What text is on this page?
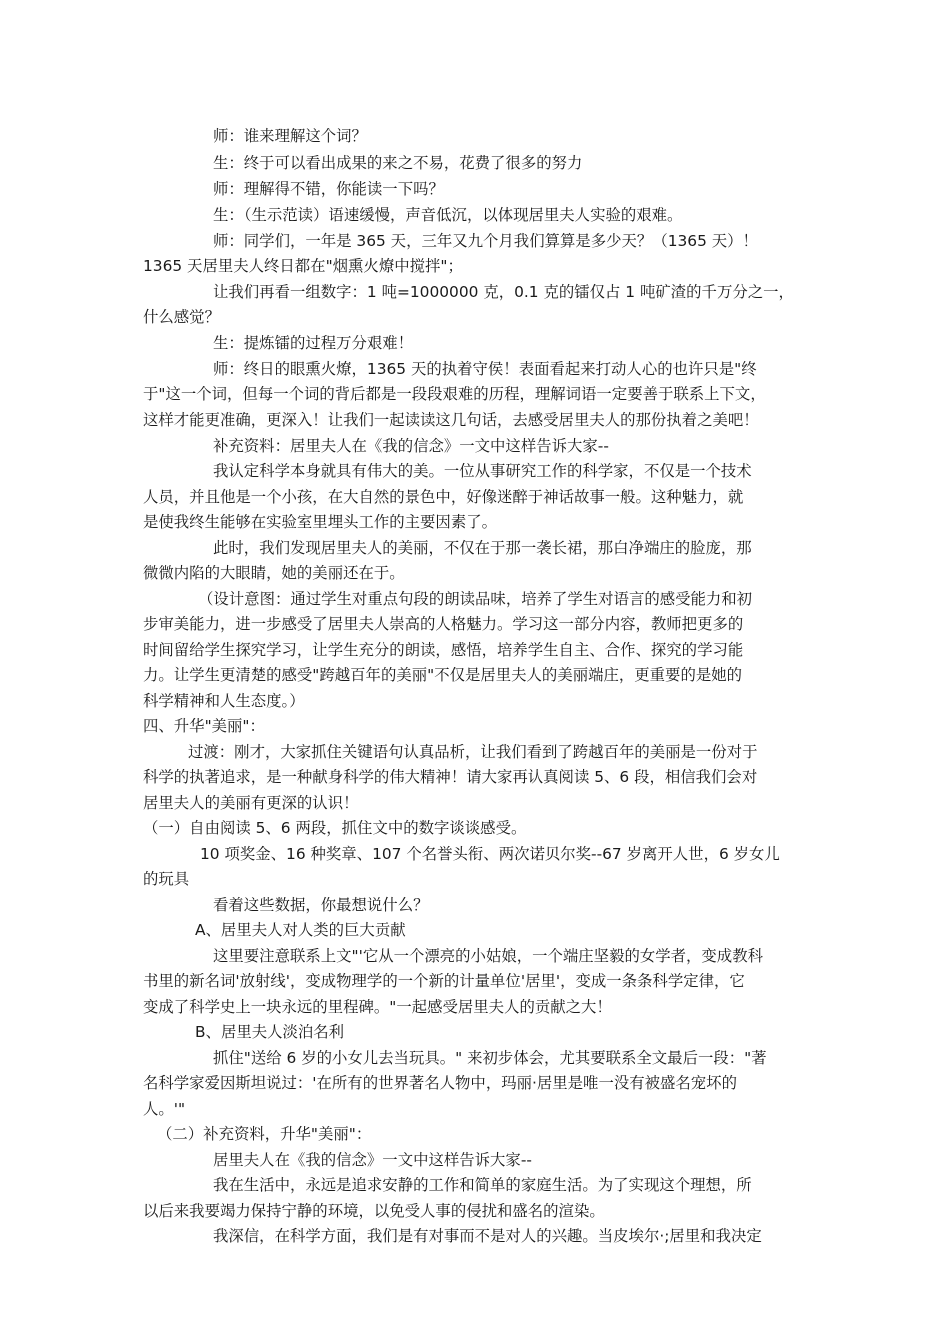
师：谁来理解这个词？
生：终于可以看出成果的来之不易，花费了很多的努力
师：理解得不错，你能读一下吗？
生：（生示范读）语速缓慢，声音低沉，以体现居里夫人实验的艰难。
师：同学们，一年是 365 天，三年又九个月我们算算是多少天？（1365 天）！
1365 天居里夫人终日都在"烟熏火燎中搅拌"；
让我们再看一组数字：1 吨=1000000 克，0.1 克的镭仅占 1 吨矿渣的千万分之一，
什么感觉？
生：提炼镭的过程万分艰难！
师：终日的眼熏火燎，1365 天的执着守侯！表面看起来打动人心的也许只是"终
于"这一个词，但每一个词的背后都是一段段艰难的历程，理解词语一定要善于联系上下文，
这样才能更准确，更深入！让我们一起读读这几句话，去感受居里夫人的那份执着之美吧！
补充资料：居里夫人在《我的信念》一文中这样告诉大家--
我认定科学本身就具有伟大的美。一位从事研究工作的科学家，不仅是一个技术
人员，并且他是一个小孩，在大自然的景色中，好像迷醉于神话故事一般。这种魅力，就
是使我终生能够在实验室里埋头工作的主要因素了。
此时，我们发现居里夫人的美丽，不仅在于那一袭长裙，那白净端庄的脸庞，那
微微内陷的大眼睛，她的美丽还在于。
（设计意图：通过学生对重点句段的朗读品味，培养了学生对语言的感受能力和初
步审美能力，进一步感受了居里夫人崇高的人格魅力。学习这一部分内容，教师把更多的
时间留给学生探究学习，让学生充分的朗读，感悟，培养学生自主、合作、探究的学习能
力。让学生更清楚的感受"跨越百年的美丽"不仅是居里夫人的美丽端庄，更重要的是她的
科学精神和人生态度。）
四、升华"美丽"：
过渡：刚才，大家抓住关键语句认真品析，让我们看到了跨越百年的美丽是一份对于
科学的执著追求，是一种献身科学的伟大精神！请大家再认真阅读 5、6 段，相信我们会对
居里夫人的美丽有更深的认识！
（一）自由阅读 5、6 两段，抓住文中的数字谈谈感受。
10 项奖金、16 种奖章、107 个名誉头衔、两次诺贝尔奖--67 岁离开人世，6 岁女儿
的玩具
看着这些数据，你最想说什么？
A、居里夫人对人类的巨大贡献
这里要注意联系上文"'它从一个漂亮的小姑娘，一个端庄坚毅的女学者，变成教科
书里的新名词'放射线'，变成物理学的一个新的计量单位'居里'，变成一条条科学定律，它
变成了科学史上一块永远的里程碑。"一起感受居里夫人的贡献之大！
B、居里夫人淡泊名利
抓住"送给 6 岁的小女儿去当玩具。" 来初步体会，尤其要联系全文最后一段："著
名科学家爱因斯坦说过：'在所有的世界著名人物中，玛丽·居里是唯一没有被盛名宠坏的
人。'"
（二）补充资料，升华"美丽"：
居里夫人在《我的信念》一文中这样告诉大家--
我在生活中，永远是追求安静的工作和简单的家庭生活。为了实现这个理想，所
以后来我要竭力保持宁静的环境，以免受人事的侵扰和盛名的渲染。
我深信，在科学方面，我们是有对事而不是对人的兴趣。当皮埃尔·;居里和我决定
